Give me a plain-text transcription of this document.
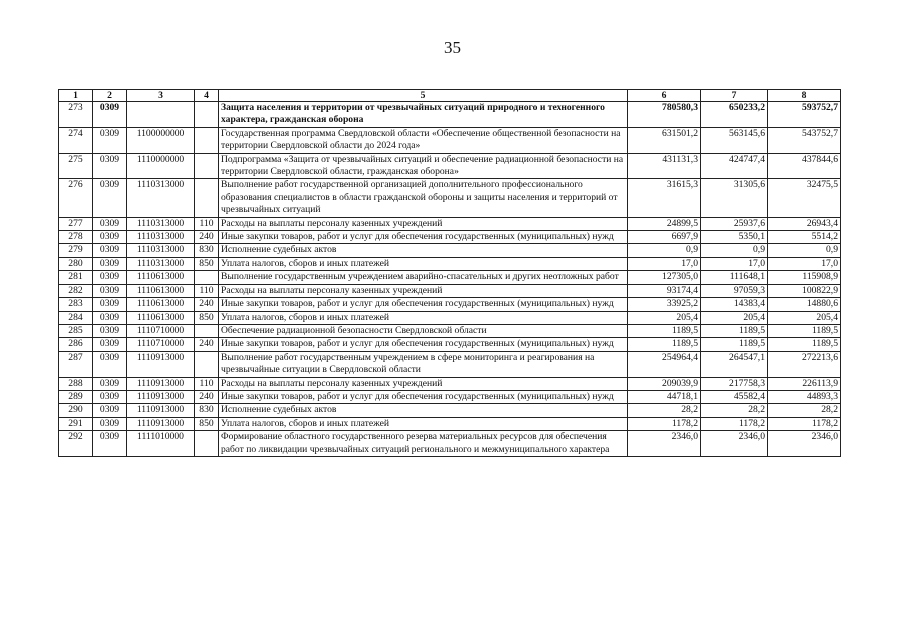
35
1	2	3	4	5	6	7	8
273	0309			Защита населения и территории от чрезвычайных ситуаций природного и техногенного характера, гражданская оборона	780580,3	650233,2	593752,7
274	0309	1100000000		Государственная программа Свердловской области «Обеспечение общественной безопасности на территории Свердловской области до 2024 года»	631501,2	563145,6	543752,7
275	0309	1110000000		Подпрограмма «Защита от чрезвычайных ситуаций и обеспечение радиационной безопасности на территории Свердловской области, гражданская оборона»	431131,3	424747,4	437844,6
276	0309	1110313000		Выполнение работ государственной организацией дополнительного профессионального образования специалистов в области гражданской обороны и защиты населения и территорий от чрезвычайных ситуаций	31615,3	31305,6	32475,5
277	0309	1110313000	110	Расходы на выплаты персоналу казенных учреждений	24899,5	25937,6	26943,4
278	0309	1110313000	240	Иные закупки товаров, работ и услуг для обеспечения государственных (муниципальных) нужд	6697,9	5350,1	5514,2
279	0309	1110313000	830	Исполнение судебных актов	0,9	0,9	0,9
280	0309	1110313000	850	Уплата налогов, сборов и иных платежей	17,0	17,0	17,0
281	0309	1110613000		Выполнение государственным учреждением аварийно-спасательных и других неотложных работ	127305,0	111648,1	115908,9
282	0309	1110613000	110	Расходы на выплаты персоналу казенных учреждений	93174,4	97059,3	100822,9
283	0309	1110613000	240	Иные закупки товаров, работ и услуг для обеспечения государственных (муниципальных) нужд	33925,2	14383,4	14880,6
284	0309	1110613000	850	Уплата налогов, сборов и иных платежей	205,4	205,4	205,4
285	0309	1110710000		Обеспечение радиационной безопасности Свердловской области	1189,5	1189,5	1189,5
286	0309	1110710000	240	Иные закупки товаров, работ и услуг для обеспечения государственных (муниципальных) нужд	1189,5	1189,5	1189,5
287	0309	1110913000		Выполнение работ государственным учреждением в сфере мониторинга и реагирования на чрезвычайные ситуации в Свердловской области	254964,4	264547,1	272213,6
288	0309	1110913000	110	Расходы на выплаты персоналу казенных учреждений	209039,9	217758,3	226113,9
289	0309	1110913000	240	Иные закупки товаров, работ и услуг для обеспечения государственных (муниципальных) нужд	44718,1	45582,4	44893,3
290	0309	1110913000	830	Исполнение судебных актов	28,2	28,2	28,2
291	0309	1110913000	850	Уплата налогов, сборов и иных платежей	1178,2	1178,2	1178,2
292	0309	1111010000		Формирование областного государственного резерва материальных ресурсов для обеспечения работ по ликвидации чрезвычайных ситуаций регионального и межмуниципального характера	2346,0	2346,0	2346,0
